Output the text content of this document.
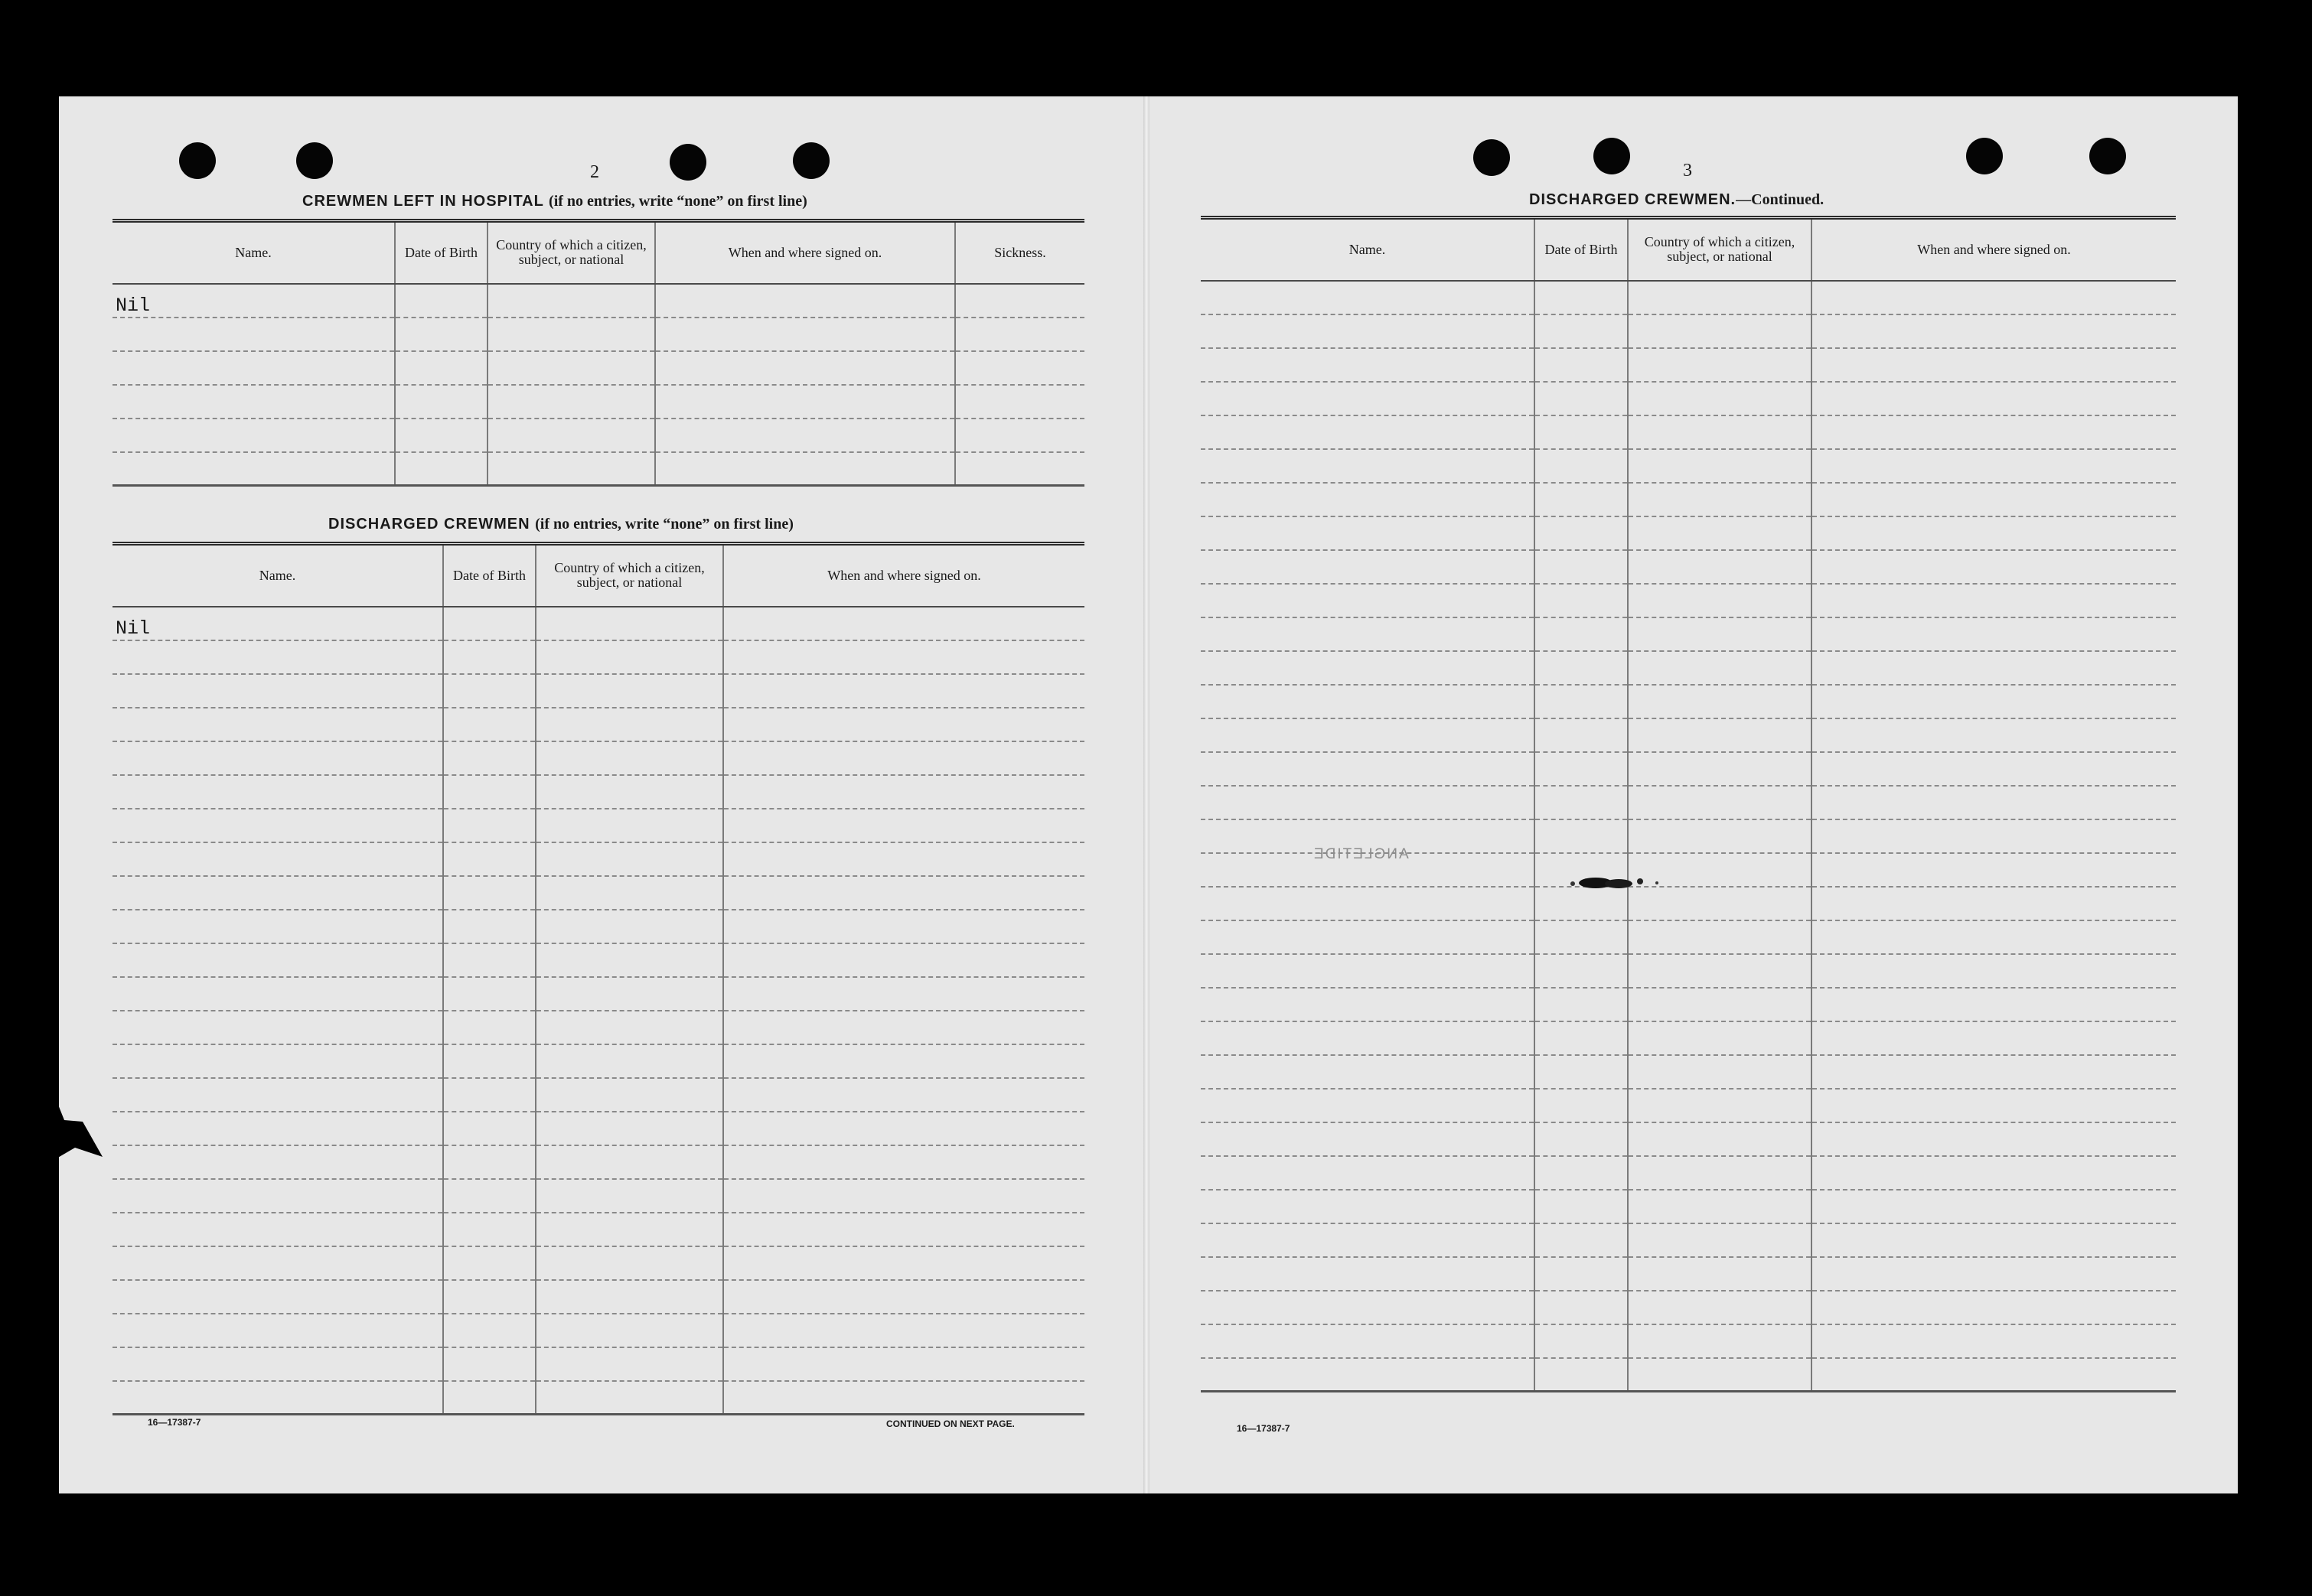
2	3
CREWMEN LEFT IN HOSPITAL (if no entries, write “none” on first line)
Name.	Date of Birth	Country of which a citizen, subject, or national	When and where signed on.	Sickness.
Nil				

DISCHARGED CREWMEN (if no entries, write “none” on first line)
Name.	Date of Birth	Country of which a citizen, subject, or national	When and where signed on.
Nil			

16—17387-7	CONTINUED ON NEXT PAGE.
DISCHARGED CREWMEN.—Continued.
Name.	Date of Birth	Country of which a citizen, subject, or national	When and where signed on.

ANGLETIDE
16—17387-7
